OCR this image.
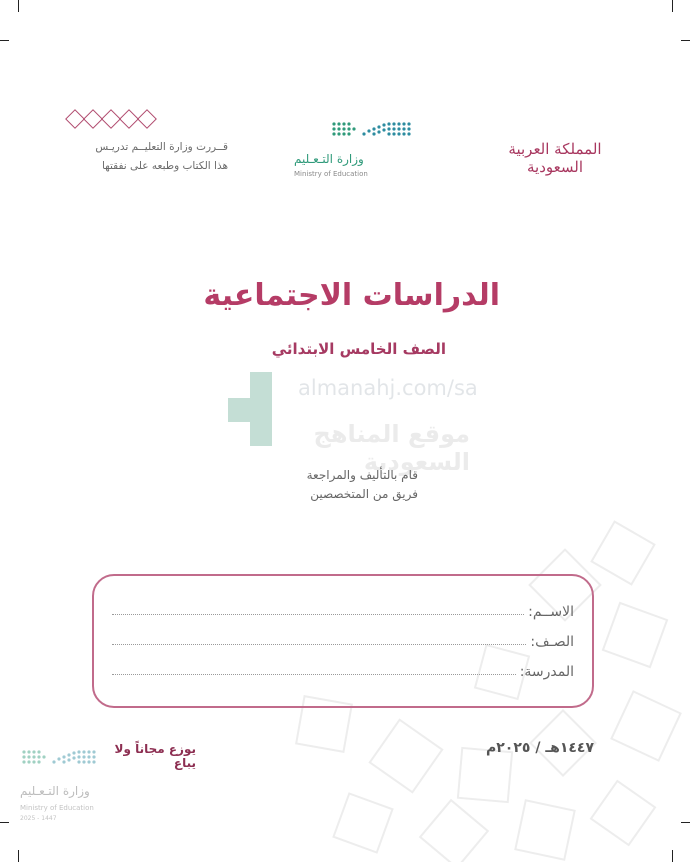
قــررت وزارة التعليــم تدريـس
هذا الكتاب وطبعه على نفقتها	وزارة التـعـليم
Ministry of Education
المملكة العربية السعودية
الدراسات الاجتماعية
الصف الخامس الابتدائي
almanahj.com/sa
موقع المناهج السعودية
قام بالتأليف والمراجعة
فريق من المتخصصين
الاســم:
الصـف:
المدرسة:
١٤٤٧هـ / ٢٠٢٥م
يوزع مجاناً ولا يباع
وزارة التـعـليم
Ministry of Education
2025 - 1447
